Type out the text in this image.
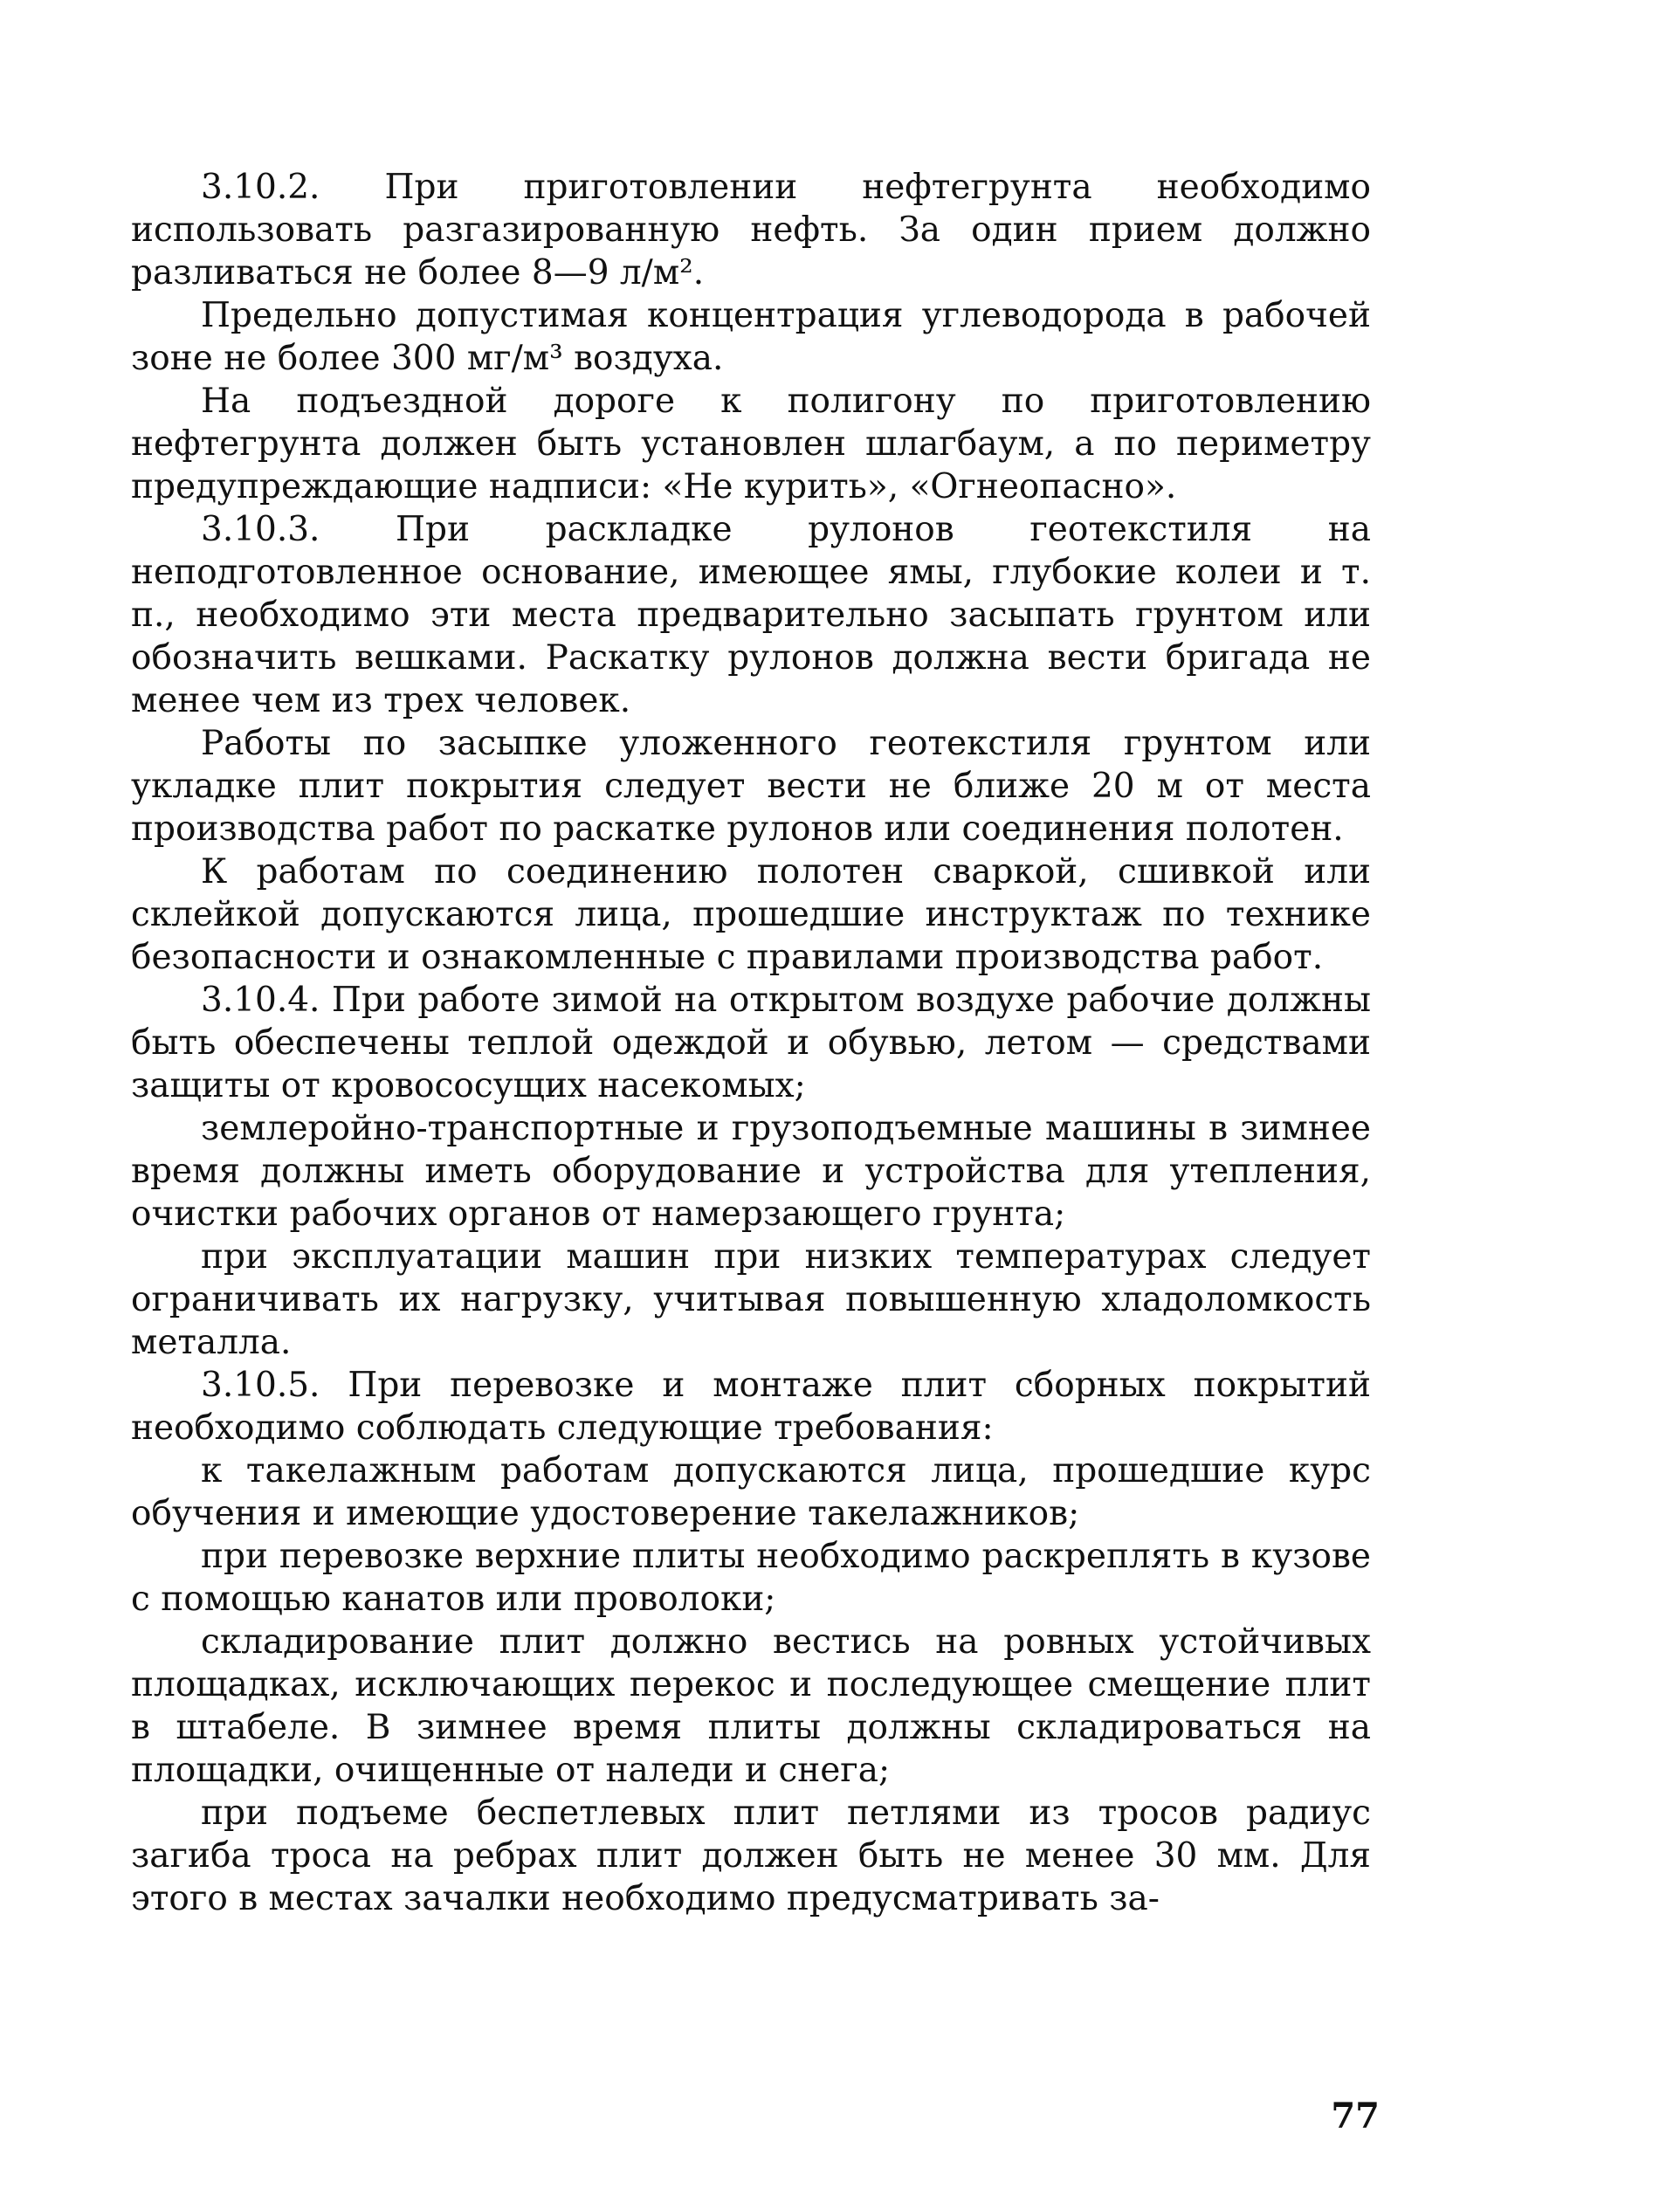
3.10.2. При приготовлении нефтегрунта необходимо использовать разгазированную нефть. За один прием должно разливаться не более 8—9 л/м².

Предельно допустимая концентрация углеводорода в рабочей зоне не более 300 мг/м³ воздуха.

На подъездной дороге к полигону по приготовлению нефтегрунта должен быть установлен шлагбаум, а по периметру предупреждающие надписи: «Не курить», «Огнеопасно».

3.10.3. При раскладке рулонов геотекстиля на неподготовленное основание, имеющее ямы, глубокие колеи и т. п., необходимо эти места предварительно засыпать грунтом или обозначить вешками. Раскатку рулонов должна вести бригада не менее чем из трех человек.

Работы по засыпке уложенного геотекстиля грунтом или укладке плит покрытия следует вести не ближе 20 м от места производства работ по раскатке рулонов или соединения полотен.

К работам по соединению полотен сваркой, сшивкой или склейкой допускаются лица, прошедшие инструктаж по технике безопасности и ознакомленные с правилами производства работ.

3.10.4. При работе зимой на открытом воздухе рабочие должны быть обеспечены теплой одеждой и обувью, летом — средствами защиты от кровососущих насекомых;

землеройно-транспортные и грузоподъемные машины в зимнее время должны иметь оборудование и устройства для утепления, очистки рабочих органов от намерзающего грунта;

при эксплуатации машин при низких температурах следует ограничивать их нагрузку, учитывая повышенную хладоломкость металла.

3.10.5. При перевозке и монтаже плит сборных покрытий необходимо соблюдать следующие требования:

к такелажным работам допускаются лица, прошедшие курс обучения и имеющие удостоверение такелажников;

при перевозке верхние плиты необходимо раскреплять в кузове с помощью канатов или проволоки;

складирование плит должно вестись на ровных устойчивых площадках, исключающих перекос и последующее смещение плит в штабеле. В зимнее время плиты должны складироваться на площадки, очищенные от наледи и снега;

при подъеме беспетлевых плит петлями из тросов радиус загиба троса на ребрах плит должен быть не менее 30 мм. Для этого в местах зачалки необходимо предусматривать за-

77
